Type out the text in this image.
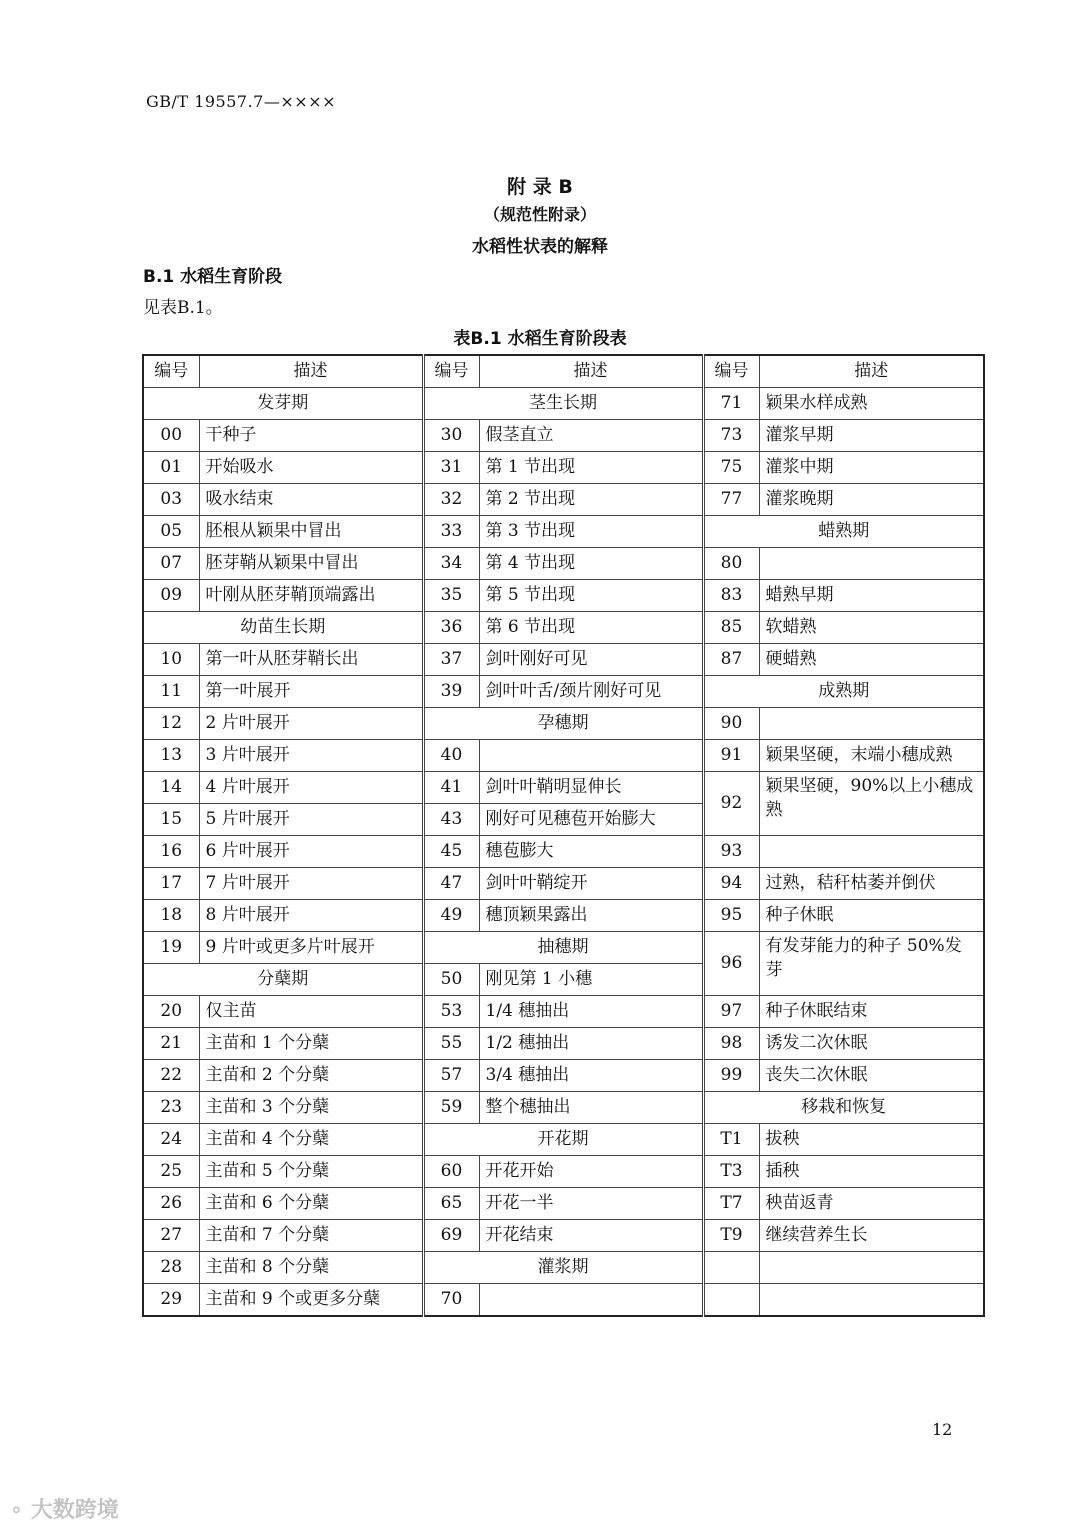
GB/T 19557.7—××××
附 录 B
（规范性附录）
水稻性状表的解释
B.1 水稻生育阶段
见表B.1。
表B.1 水稻生育阶段表
编号	描述	编号	描述	编号	描述
发芽期		茎生长期		71	颖果水样成熟
00	干种子	30	假茎直立	73	灌浆早期
01	开始吸水	31	第 1 节出现	75	灌浆中期
03	吸水结束	32	第 2 节出现	77	灌浆晚期
05	胚根从颖果中冒出	33	第 3 节出现	蜡熟期	
07	胚芽鞘从颖果中冒出	34	第 4 节出现	80	
09	叶刚从胚芽鞘顶端露出	35	第 5 节出现	83	蜡熟早期
幼苗生长期		36	第 6 节出现	85	软蜡熟
10	第一叶从胚芽鞘长出	37	剑叶刚好可见	87	硬蜡熟
11	第一叶展开	39	剑叶叶舌/颈片刚好可见	成熟期	
12	2 片叶展开	孕穗期		90	
13	3 片叶展开	40		91	颖果坚硬，末端小穗成熟
14	4 片叶展开	41	剑叶叶鞘明显伸长	92	颖果坚硬，90%以上小穗成熟
15	5 片叶展开	43	刚好可见穗苞开始膨大		
16	6 片叶展开	45	穗苞膨大	93	
17	7 片叶展开	47	剑叶叶鞘绽开	94	过熟，秸秆枯萎并倒伏
18	8 片叶展开	49	穗顶颖果露出	95	种子休眠
19	9 片叶或更多片叶展开	抽穗期		96	有发芽能力的种子 50%发芽
分蘖期		50	刚见第 1 小穗		
20	仅主苗	53	1/4 穗抽出	97	种子休眠结束
21	主苗和 1 个分蘖	55	1/2 穗抽出	98	诱发二次休眠
22	主苗和 2 个分蘖	57	3/4 穗抽出	99	丧失二次休眠
23	主苗和 3 个分蘖	59	整个穗抽出	移栽和恢复	
24	主苗和 4 个分蘖	开花期		T1	拔秧
25	主苗和 5 个分蘖	60	开花开始	T3	插秧
26	主苗和 6 个分蘖	65	开花一半	T7	秧苗返青
27	主苗和 7 个分蘖	69	开花结束	T9	继续营养生长
28	主苗和 8 个分蘖	灌浆期			
29	主苗和 9 个或更多分蘖	70			
12
⚬ 大数跨境
